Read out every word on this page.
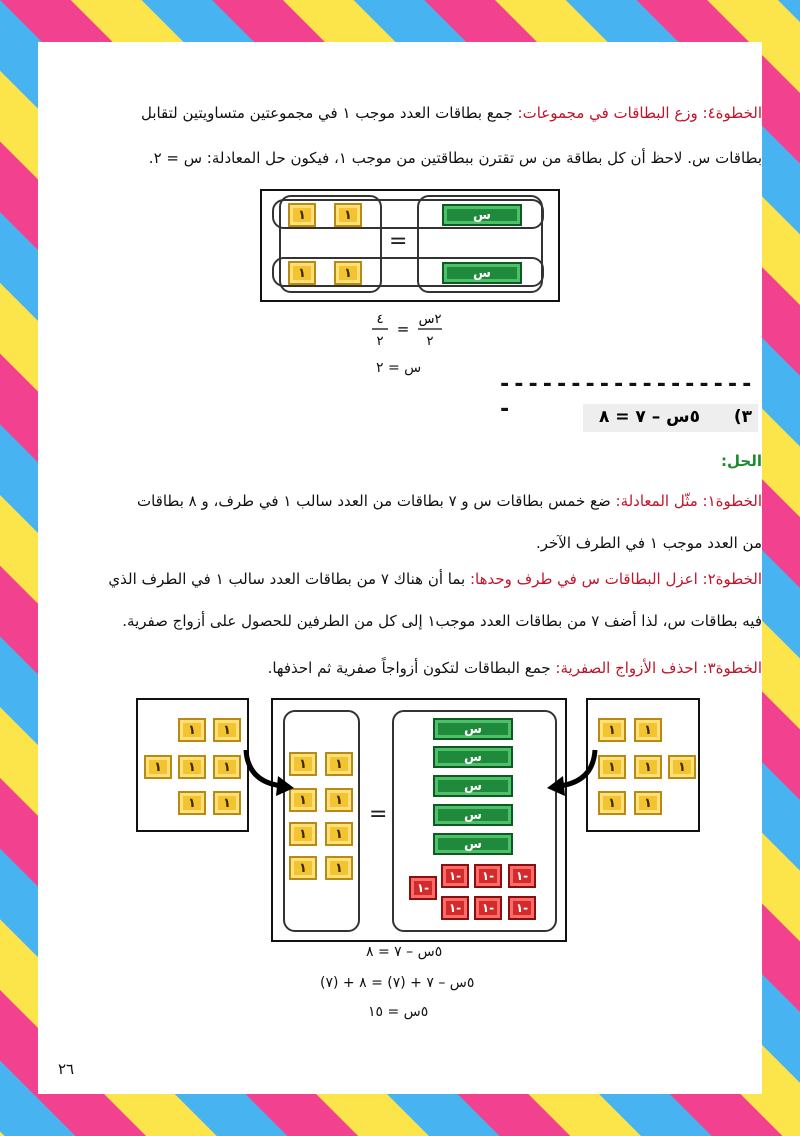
الخطوة٤: وزع البطاقات في مجموعات: جمع بطاقات العدد موجب ١ في مجموعتين متساويتين لتقابل
بطاقات س. لاحظ أن كل بطاقة من س تقترن ببطاقتين من موجب ١، فيكون حل المعادلة: س = ٢.
١	١
١	١
س
س
=
٢س
٢
=
٤
٢
س = ٢
-------------------	٣)
٥س – ٧ = ٨
الحل:
الخطوة١: مثّل المعادلة: ضع خمس بطاقات س و ٧ بطاقات من العدد سالب ١ في طرف، و ٨ بطاقات
من العدد موجب ١ في الطرف الآخر.
الخطوة٢: اعزل البطاقات س في طرف وحدها: بما أن هناك ٧ من بطاقات العدد سالب ١ في الطرف الذي
فيه بطاقات س، لذا أضف ٧ من بطاقات العدد موجب١ إلى كل من الطرفين للحصول على أزواج صفرية.
الخطوة٣: احذف الأزواج الصفرية: جمع البطاقات لتكون أزواجاً صفرية ثم احذفها.
١	١
١	١	١
١	١
١	١
١	١
١	١
١	١
=
س
س
س
س
س
١-	١-	١-
١-
١-	١-	١-
١	١
١	١	١
١	١
٥س – ٧ = ٨
٥س – ٧ + (٧) = ٨ + (٧)
٥س = ١٥
٢٦
